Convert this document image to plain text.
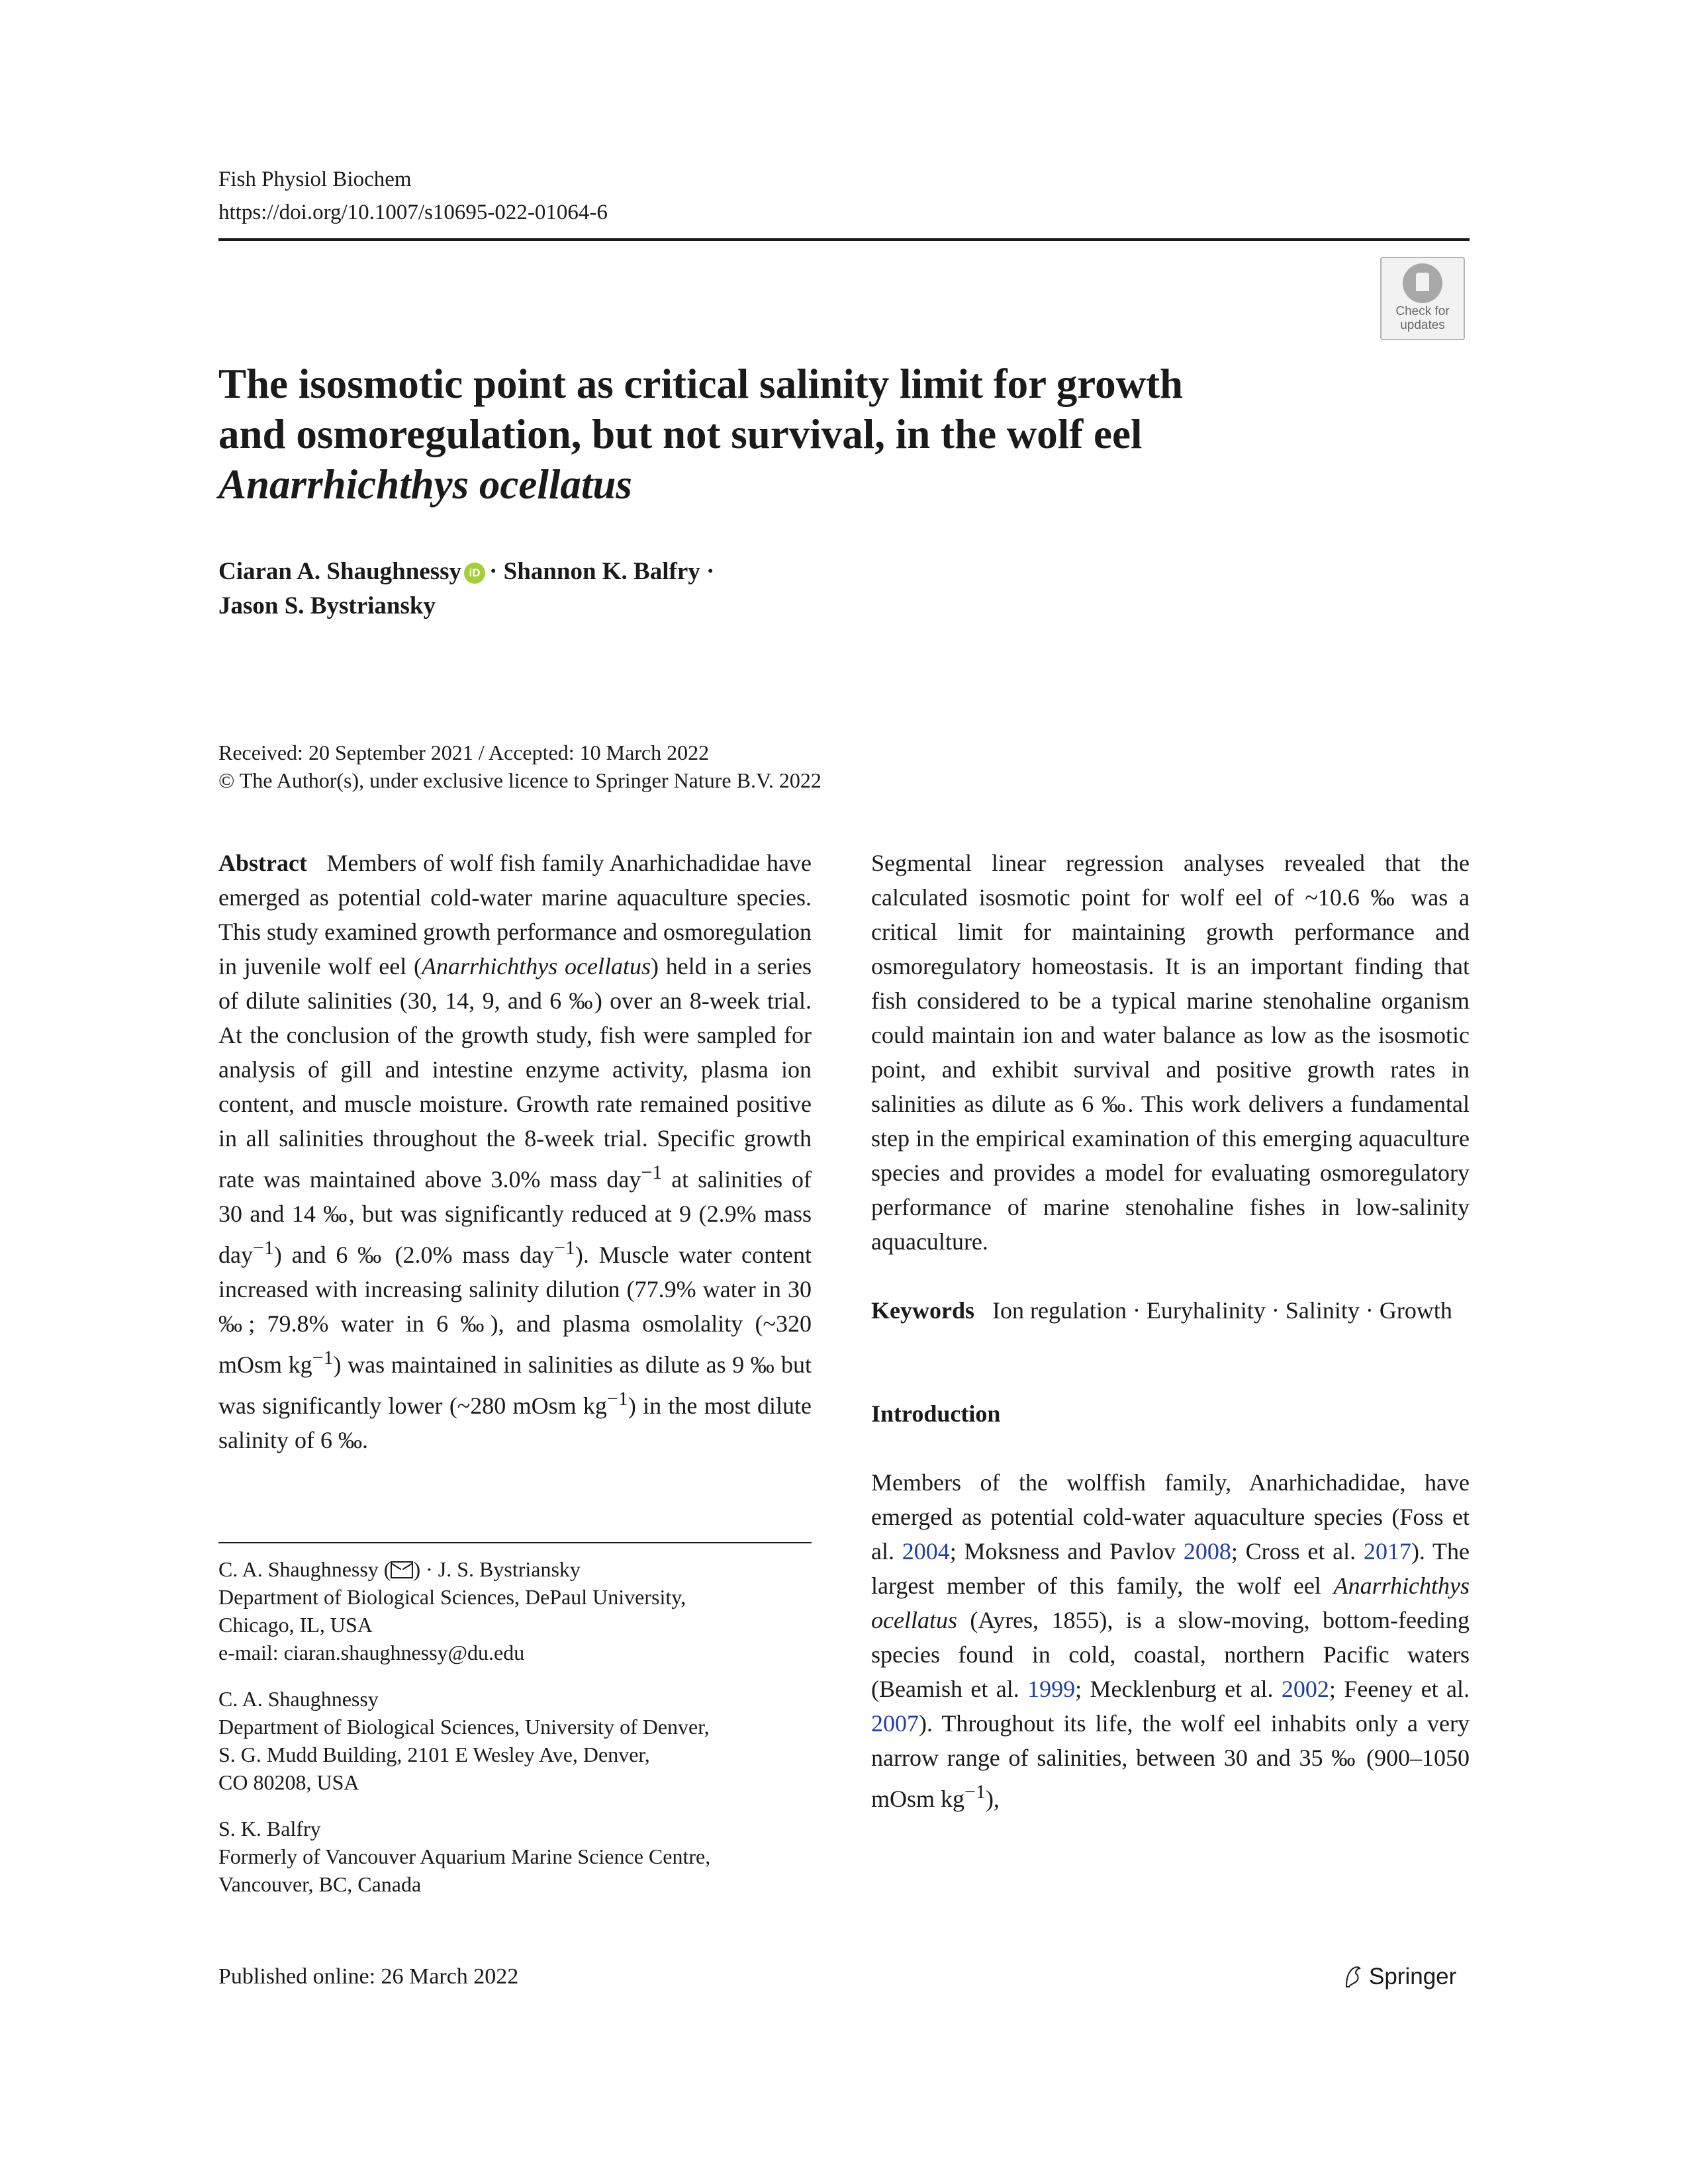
Fish Physiol Biochem
https://doi.org/10.1007/s10695-022-01064-6
Check for
updates
The isosmotic point as critical salinity limit for growth
and osmoregulation, but not survival, in the wolf eel
Anarrhichthys ocellatus
Ciaran A. Shaughnessy iD · Shannon K. Balfry ·
Jason S. Bystriansky
Received: 20 September 2021 / Accepted: 10 March 2022
© The Author(s), under exclusive licence to Springer Nature B.V. 2022

Abstract Members of wolf fish family Anarhichadidae have emerged as potential cold-water marine aquaculture species. This study examined growth performance and osmoregulation in juvenile wolf eel (Anarrhichthys ocellatus) held in a series of dilute salinities (30, 14, 9, and 6 ‰) over an 8-week trial. At the conclusion of the growth study, fish were sampled for analysis of gill and intestine enzyme activity, plasma ion content, and muscle moisture. Growth rate remained positive in all salinities throughout the 8-week trial. Specific growth rate was maintained above 3.0% mass day$^{-1}$ at salinities of 30 and 14 ‰, but was significantly reduced at 9 (2.9% mass day$^{-1}$) and 6 ‰ (2.0% mass day$^{-1}$). Muscle water content increased with increasing salinity dilution (77.9% water in 30 ‰; 79.8% water in 6 ‰), and plasma osmolality (~320 mOsm $kg^{-1}$) was maintained in salinities as dilute as 9 ‰ but was significantly lower (~280 mOsm $kg^{-1}$) in the most dilute salinity of 6 ‰.

C. A. Shaughnessy ( ) · J. S. Bystriansky
Department of Biological Sciences, DePaul University,
Chicago, IL, USA
e-mail: ciaran.shaughnessy@du.edu
C. A. Shaughnessy
Department of Biological Sciences, University of Denver,
S. G. Mudd Building, 2101 E Wesley Ave, Denver,
CO 80208, USA
S. K. Balfry
Formerly of Vancouver Aquarium Marine Science Centre,
Vancouver, BC, Canada

Segmental linear regression analyses revealed that the calculated isosmotic point for wolf eel of ~10.6 ‰ was a critical limit for maintaining growth performance and osmoregulatory homeostasis. It is an important finding that fish considered to be a typical marine stenohaline organism could maintain ion and water balance as low as the isosmotic point, and exhibit survival and positive growth rates in salinities as dilute as 6 ‰. This work delivers a fundamental step in the empirical examination of this emerging aquaculture species and provides a model for evaluating osmoregulatory performance of marine stenohaline fishes in low-salinity aquaculture.

Keywords Ion regulation · Euryhalinity · Salinity · Growth

Introduction

Members of the wolffish family, Anarhichadidae, have emerged as potential cold-water aquaculture species (Foss et al. 2004; Moksness and Pavlov 2008; Cross et al. 2017). The largest member of this family, the wolf eel Anarrhichthys ocellatus (Ayres, 1855), is a slow-moving, bottom-feeding species found in cold, coastal, northern Pacific waters (Beamish et al. 1999; Mecklenburg et al. 2002; Feeney et al. 2007). Throughout its life, the wolf eel inhabits only a very narrow range of salinities, between 30 and 35 ‰ (900–1050 mOsm $kg^{-1}$),

Published online: 26 March 2022	Springer
